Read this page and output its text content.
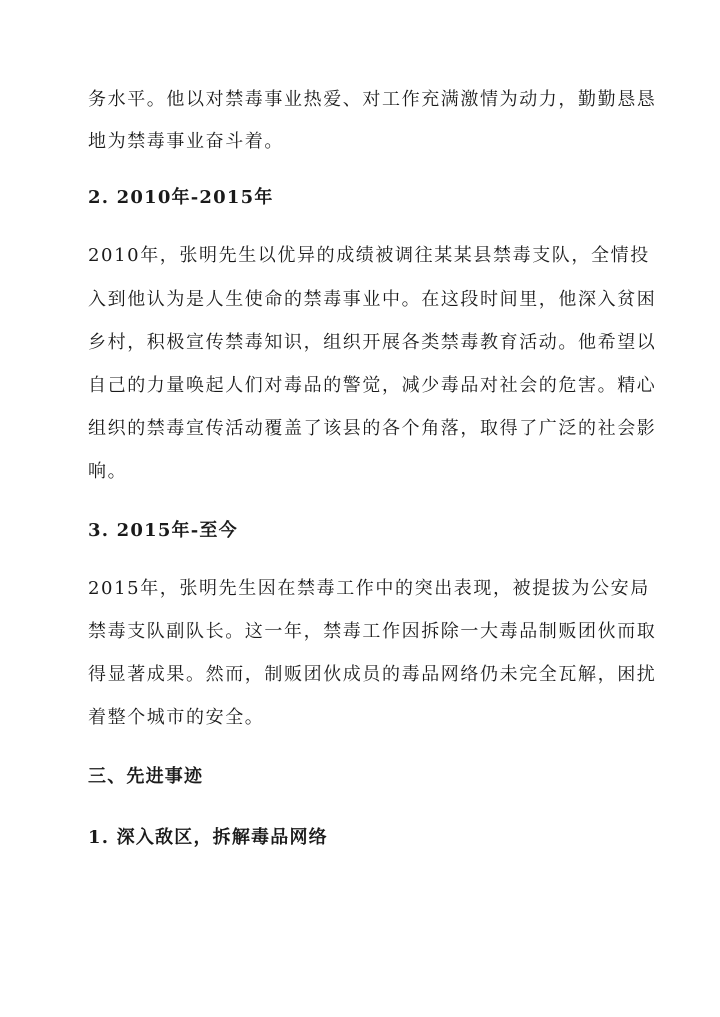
务水平。他以对禁毒事业热爱、对工作充满激情为动力，勤勤恳恳
地为禁毒事业奋斗着。
2. 2010年-2015年
2010年，张明先生以优异的成绩被调往某某县禁毒支队，全情投
入到他认为是人生使命的禁毒事业中。在这段时间里，他深入贫困
乡村，积极宣传禁毒知识，组织开展各类禁毒教育活动。他希望以
自己的力量唤起人们对毒品的警觉，减少毒品对社会的危害。精心
组织的禁毒宣传活动覆盖了该县的各个角落，取得了广泛的社会影
响。
3. 2015年-至今
2015年，张明先生因在禁毒工作中的突出表现，被提拔为公安局
禁毒支队副队长。这一年，禁毒工作因拆除一大毒品制贩团伙而取
得显著成果。然而，制贩团伙成员的毒品网络仍未完全瓦解，困扰
着整个城市的安全。
三、先进事迹
1. 深入敌区，拆解毒品网络
